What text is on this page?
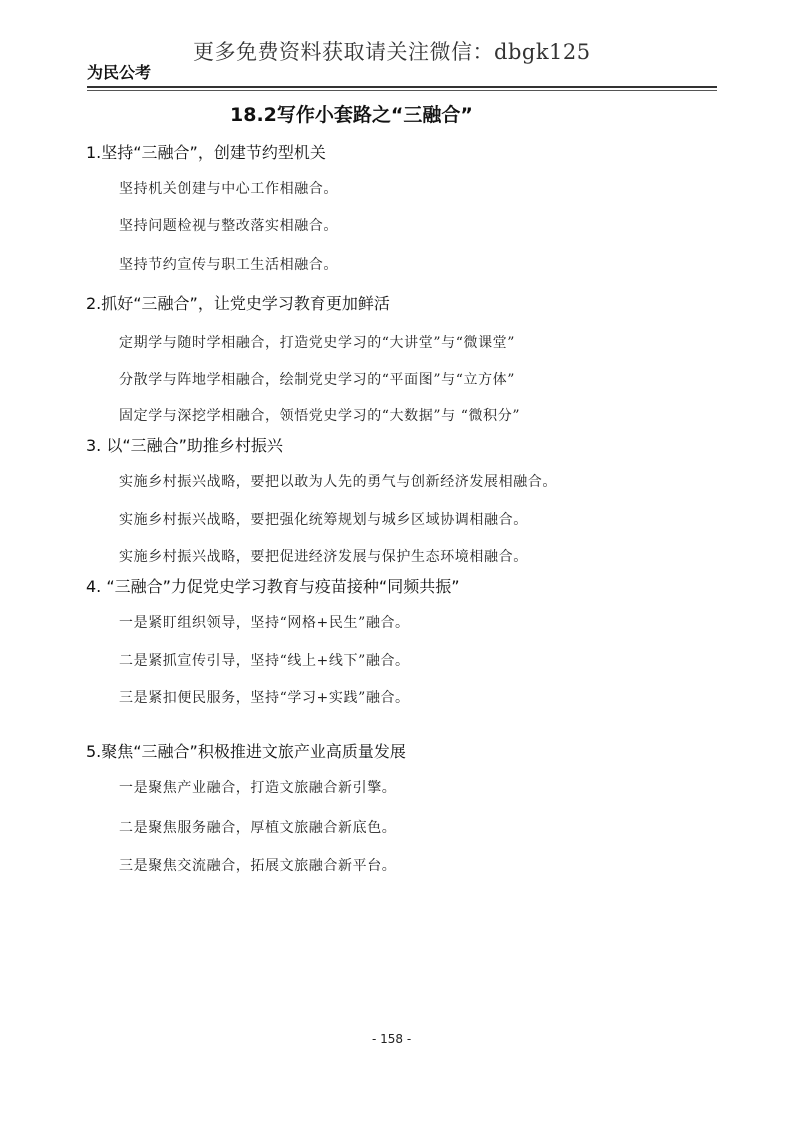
更多免费资料获取请关注微信：dbgk125
为民公考
18.2写作小套路之“三融合”
1.坚持“三融合”，创建节约型机关
坚持机关创建与中心工作相融合。
坚持问题检视与整改落实相融合。
坚持节约宣传与职工生活相融合。
2.抓好“三融合”，让党史学习教育更加鲜活
定期学与随时学相融合，打造党史学习的“大讲堂”与“微课堂”
分散学与阵地学相融合，绘制党史学习的“平面图”与“立方体”
固定学与深挖学相融合，领悟党史学习的“大数据”与 “微积分”
3. 以“三融合”助推乡村振兴
实施乡村振兴战略，要把以敢为人先的勇气与创新经济发展相融合。
实施乡村振兴战略，要把强化统筹规划与城乡区域协调相融合。
实施乡村振兴战略，要把促进经济发展与保护生态环境相融合。
4. “三融合”力促党史学习教育与疫苗接种“同频共振”
一是紧盯组织领导，坚持“网格+民生”融合。
二是紧抓宣传引导，坚持“线上+线下”融合。
三是紧扣便民服务，坚持“学习+实践”融合。
5.聚焦“三融合”积极推进文旅产业高质量发展
一是聚焦产业融合，打造文旅融合新引擎。
二是聚焦服务融合，厚植文旅融合新底色。
三是聚焦交流融合，拓展文旅融合新平台。
- 158 -
